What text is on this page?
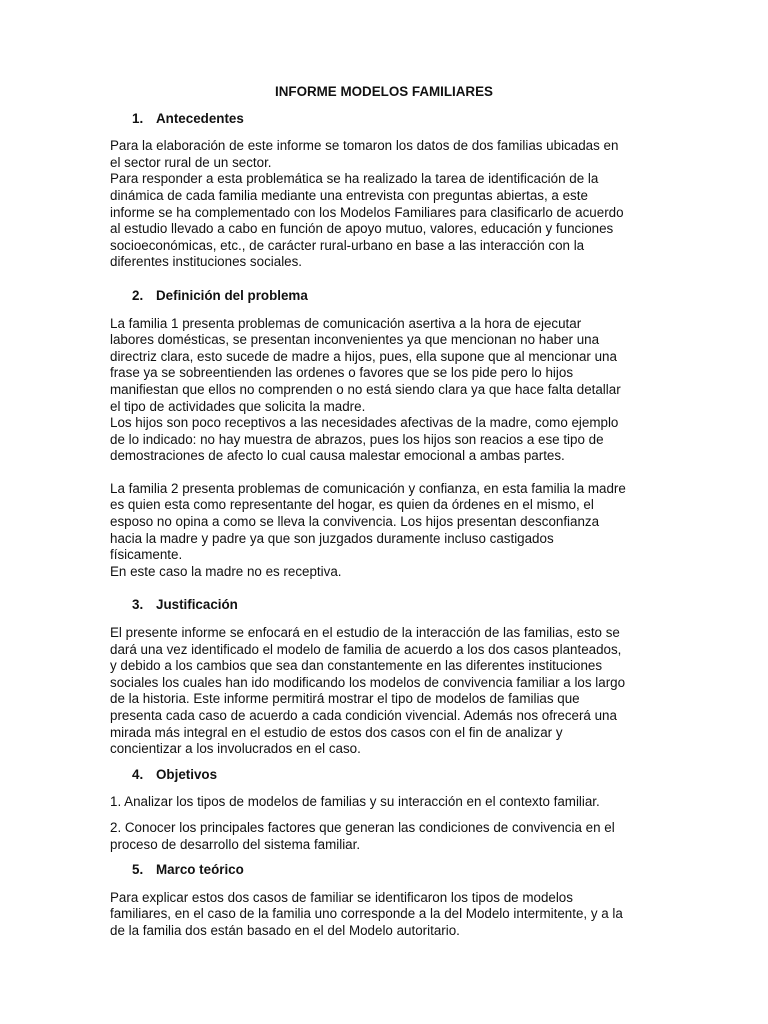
INFORME MODELOS FAMILIARES
1. Antecedentes

Para la elaboración de este informe se tomaron los datos de dos familias ubicadas en
el sector rural de un sector.
Para responder a esta problemática se ha realizado la tarea de identificación de la
dinámica de cada familia mediante una entrevista con preguntas abiertas, a este
informe se ha complementado con los Modelos Familiares para clasificarlo de acuerdo
al estudio llevado a cabo en función de apoyo mutuo, valores, educación y funciones
socioeconómicas, etc., de carácter rural-urbano en base a las interacción con la
diferentes instituciones sociales.

2. Definición del problema

La familia 1 presenta problemas de comunicación asertiva a la hora de ejecutar
labores domésticas, se presentan inconvenientes ya que mencionan no haber una
directriz clara, esto sucede de madre a hijos, pues, ella supone que al mencionar una
frase ya se sobreentienden las ordenes o favores que se los pide pero lo hijos
manifiestan que ellos no comprenden o no está siendo clara ya que hace falta detallar
el tipo de actividades que solicita la madre.
Los hijos son poco receptivos a las necesidades afectivas de la madre, como ejemplo
de lo indicado: no hay muestra de abrazos, pues los hijos son reacios a ese tipo de
demostraciones de afecto lo cual causa malestar emocional a ambas partes.

La familia 2 presenta problemas de comunicación y confianza, en esta familia la madre
es quien esta como representante del hogar, es quien da órdenes en el mismo, el
esposo no opina a como se lleva la convivencia. Los hijos presentan desconfianza
hacia la madre y padre ya que son juzgados duramente incluso castigados
físicamente.
En este caso la madre no es receptiva.

3. Justificación

El presente informe se enfocará en el estudio de la interacción de las familias, esto se
dará una vez identificado el modelo de familia de acuerdo a los dos casos planteados,
y debido a los cambios que sea dan constantemente en las diferentes instituciones
sociales los cuales han ido modificando los modelos de convivencia familiar a los largo
de la historia. Este informe permitirá mostrar el tipo de modelos de familias que
presenta cada caso de acuerdo a cada condición vivencial. Además nos ofrecerá una
mirada más integral en el estudio de estos dos casos con el fin de analizar y
concientizar a los involucrados en el caso.

4. Objetivos

1. Analizar los tipos de modelos de familias y su interacción en el contexto familiar.

2. Conocer los principales factores que generan las condiciones de convivencia en el
proceso de desarrollo del sistema familiar.

5. Marco teórico

Para explicar estos dos casos de familiar se identificaron los tipos de modelos
familiares, en el caso de la familia uno corresponde a la del Modelo intermitente, y a la
de la familia dos están basado en el del Modelo autoritario.
